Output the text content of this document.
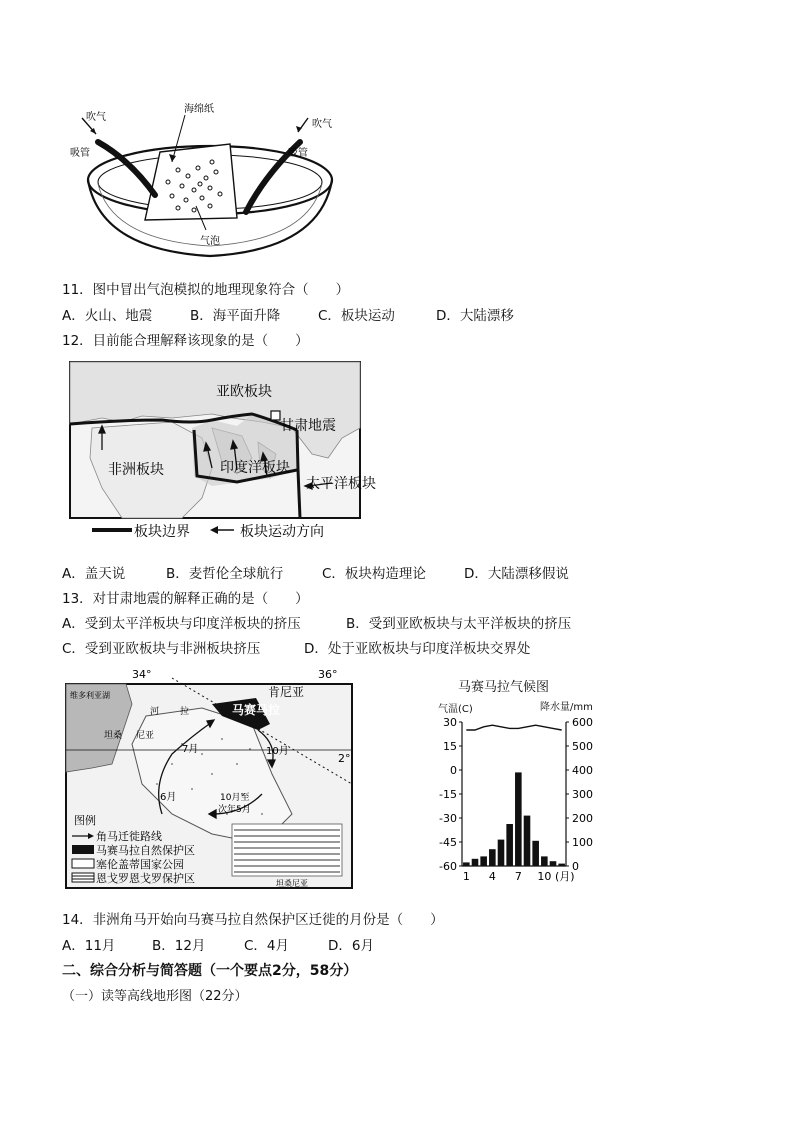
吹气
吸管
海绵纸
吹气
吸管
气泡
11．图中冒出气泡模拟的地理现象符合（　　）
A．火山、地震	B．海平面升降	C．板块运动	D．大陆漂移
12．目前能合理解释该现象的是（　　）
亚欧板块
甘肃地震
非洲板块	印度洋板块
太平洋板块
板块边界	板块运动方向
A．盖天说	B．麦哲伦全球航行	C．板块构造理论	D．大陆漂移假说
13．对甘肃地震的解释正确的是（　　）
A．受到太平洋板块与印度洋板块的挤压	B．受到亚欧板块与太平洋板块的挤压
C．受到亚欧板块与非洲板块挤压	D．处于亚欧板块与印度洋板块交界处
34°	36°
2°
肯尼亚
马赛马拉
维多利亚湖
坦桑 尼亚
河 拉
7月	10月
6月	10月至
次年5月
坦桑尼亚
图例
角马迁徙路线
马赛马拉自然保护区
塞伦盖蒂国家公园
恩戈罗恩戈罗保护区
马赛马拉气候图
气温(C)	降水量/mm
30
15
0
-15
-30
-45
-60
600
500
400
300
200
100
0
1 4 7 10 (月)
14．非洲角马开始向马赛马拉自然保护区迁徙的月份是（　　）
A．11月	B．12月	C．4月	D．6月
二、综合分析与简答题（一个要点2分，58分）
（一）读等高线地形图（22分）
